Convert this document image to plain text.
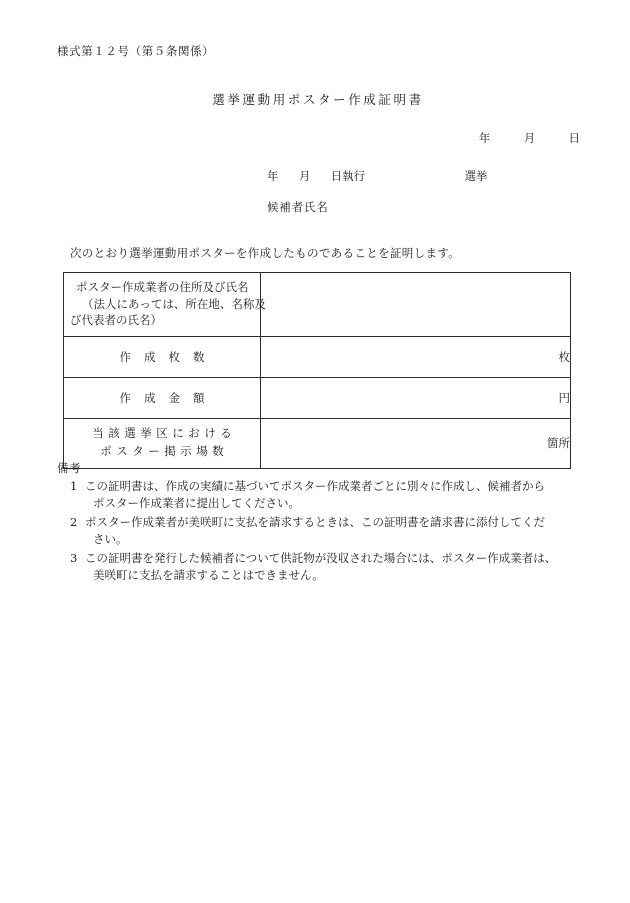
様式第１２号（第５条関係）
選挙運動用ポスター作成証明書
年	月	日
年 月 日執行	選挙
候補者氏名
次のとおり選挙運動用ポスターを作成したものであることを証明します。
ポスター作成業者の住所及び氏名
（法人にあっては、所在地、名称及
び代表者の氏名）	

作成枚数	枚

作成金額	円

当該選挙区における
ポスター掲示場数	箇所
備考
1 この証明書は、作成の実績に基づいてポスター作成業者ごとに別々に作成し、候補者から
ポスター作成業者に提出してください。
2 ポスター作成業者が美咲町に支払を請求するときは、この証明書を請求書に添付してくだ
さい。
3 この証明書を発行した候補者について供託物が没収された場合には、ポスター作成業者は、
美咲町に支払を請求することはできません。
